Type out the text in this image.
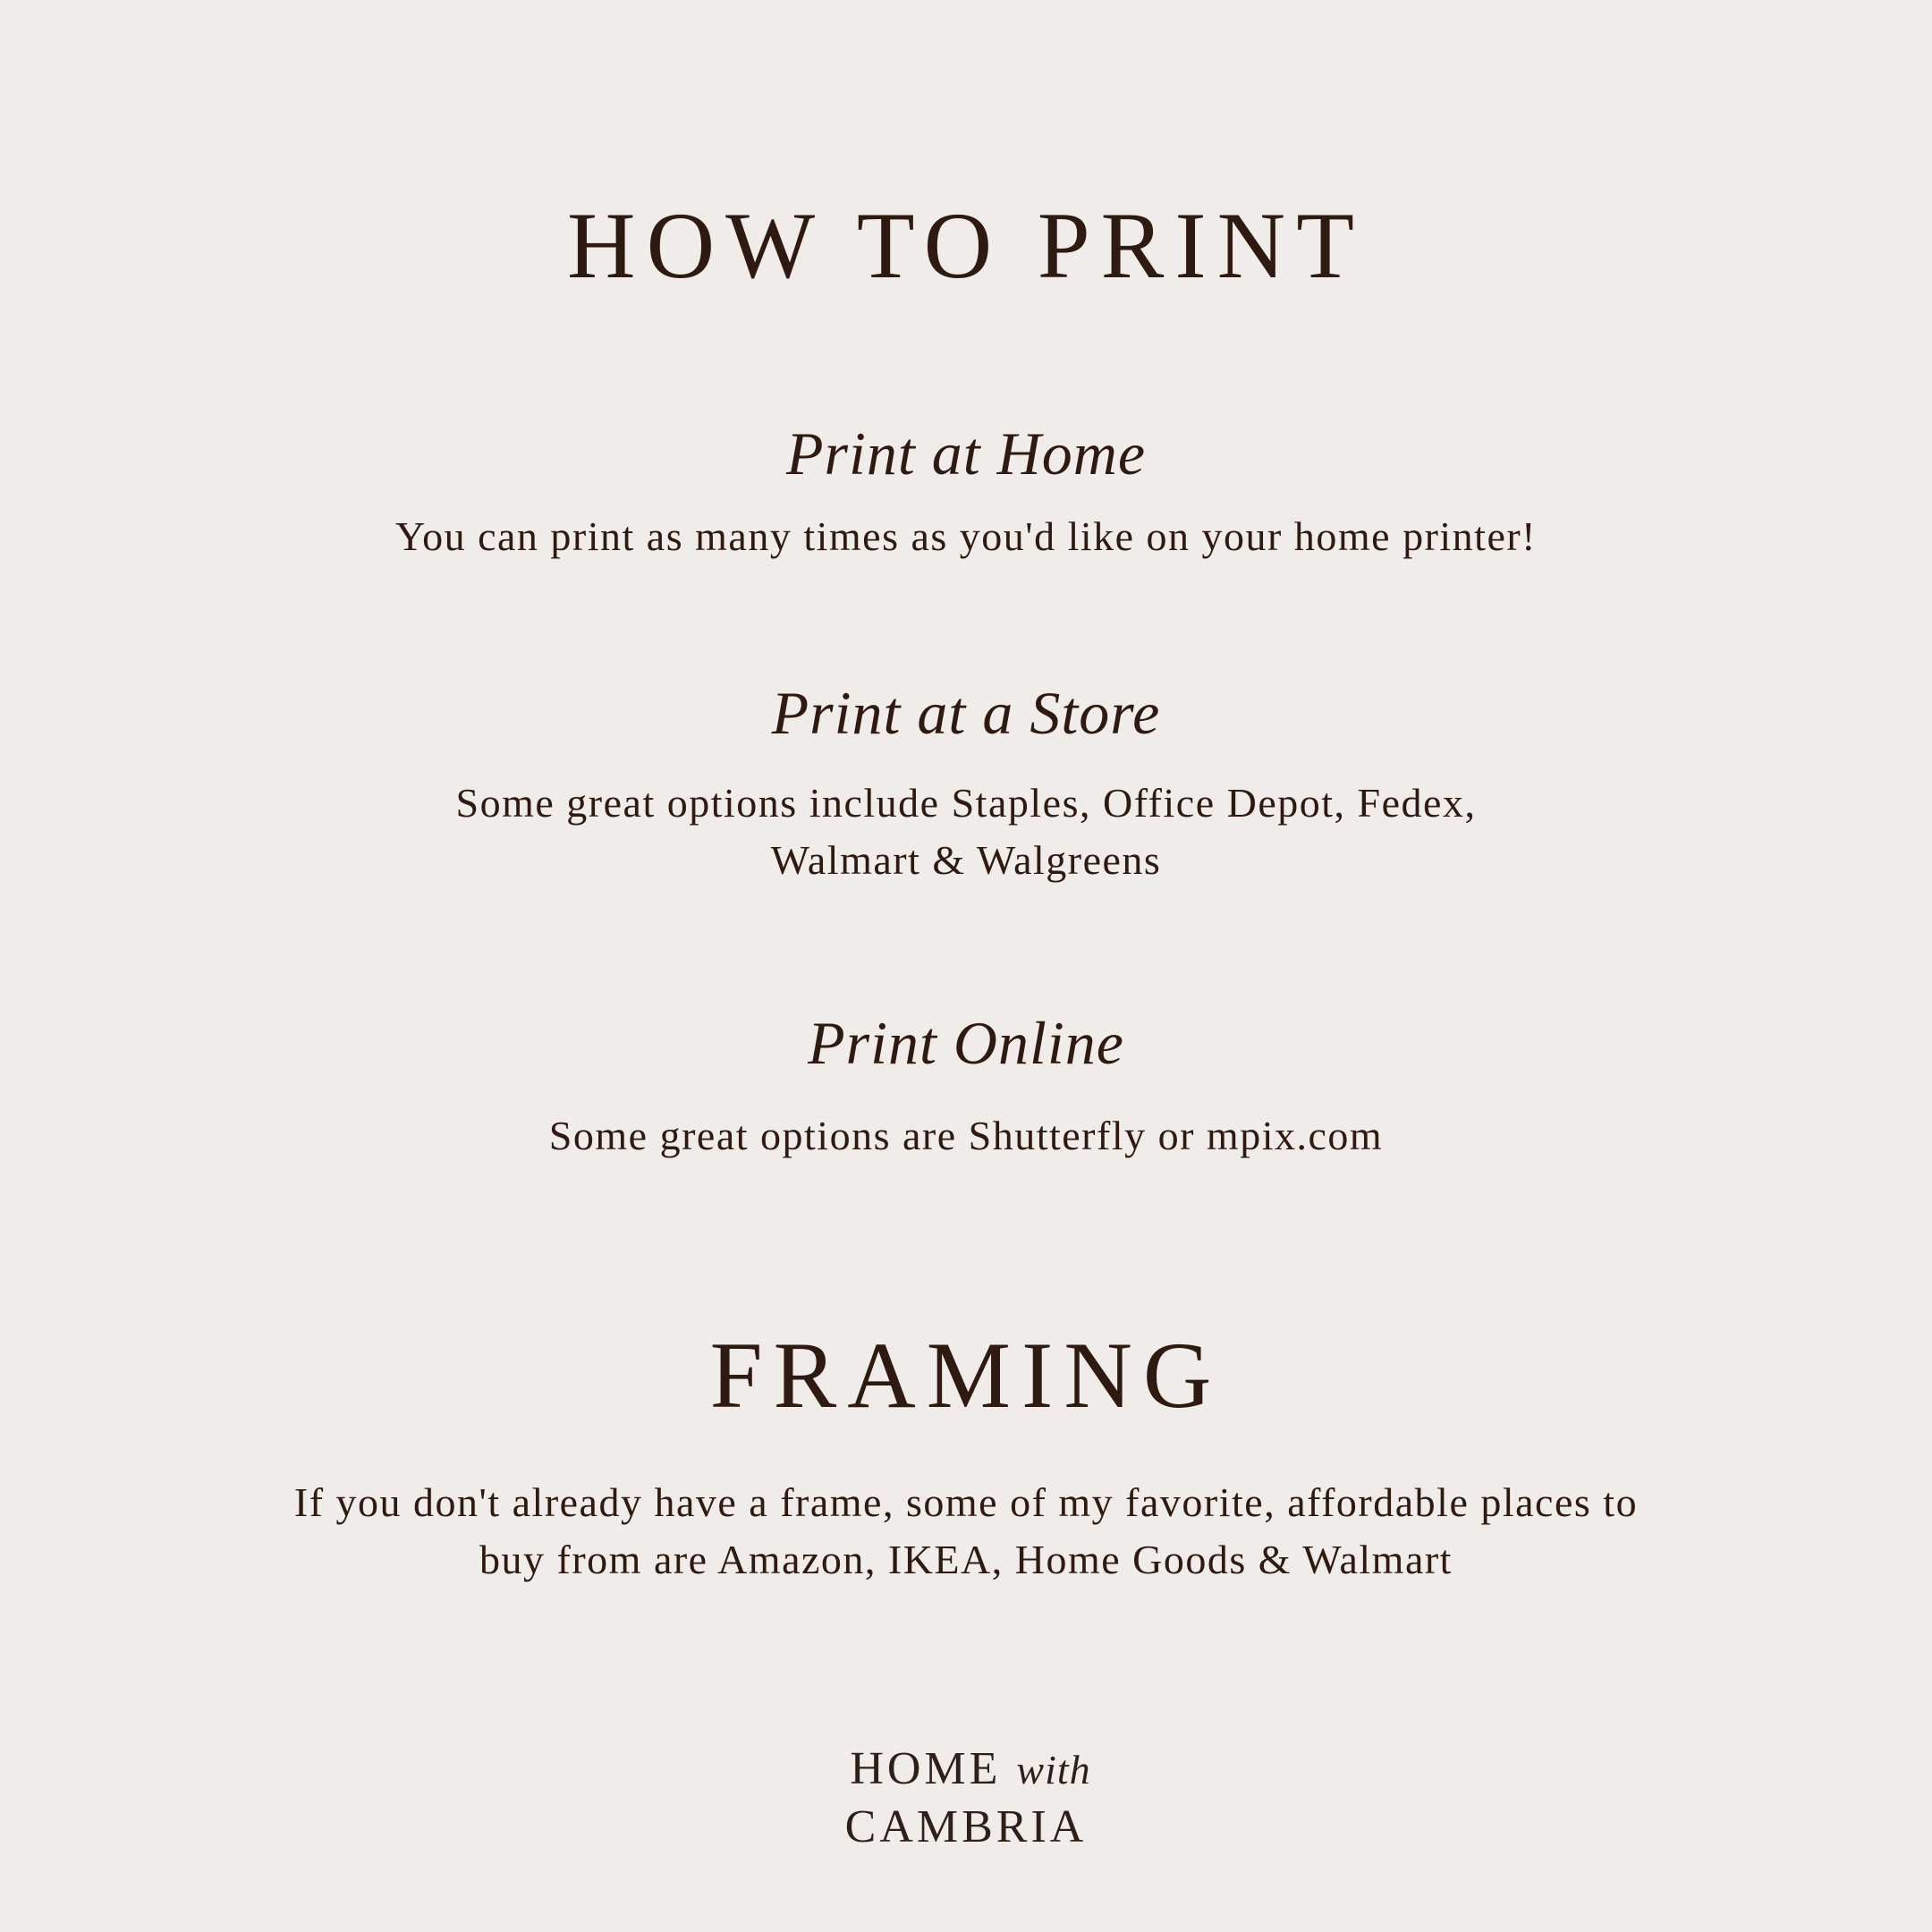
HOW TO PRINT
Print at Home

You can print as many times as you'd like on your home printer!

Print at a Store

Some great options include Staples, Office Depot, Fedex,
Walmart & Walgreens

Print Online

Some great options are Shutterfly or mpix.com

FRAMING

If you don't already have a frame, some of my favorite, affordable places to
buy from are Amazon, IKEA, Home Goods & Walmart

HOME with
CAMBRIA
